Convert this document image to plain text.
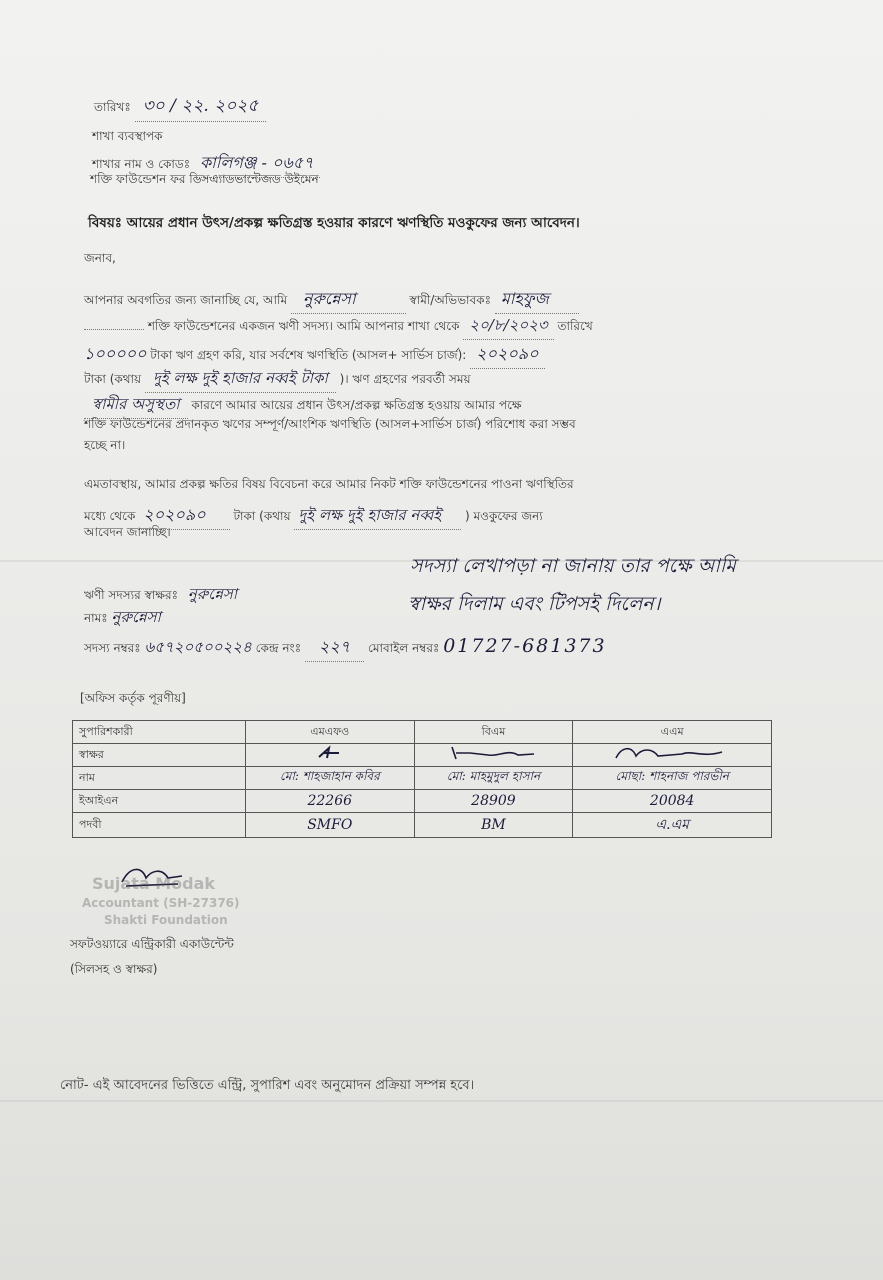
তারিখঃ ৩০ / ২২. ২০২৫
শাখা ব্যবস্থাপক
শাখার নাম ও কোডঃ কালিগঞ্জ - ০৬৫৭
শক্তি ফাউন্ডেশন ফর ডিসএ্যাডভান্টেজড উইমেন
বিষয়ঃ আয়ের প্রধান উৎস/প্রকল্প ক্ষতিগ্রস্ত হওয়ার কারণে ঋণস্থিতি মওকুফের জন্য আবেদন।
জনাব,
আপনার অবগতির জন্য জানাচ্ছি যে, আমি নুরুন্নেসা	স্বামী/অভিভাবকঃ মাহফুজ
শক্তি ফাউন্ডেশনের একজন ঋণী সদস্য। আমি আপনার শাখা থেকে ২০/৮/২০২৩ তারিখে
১০০০০০ টাকা ঋণ গ্রহণ করি, যার সর্বশেষ ঋণস্থিতি (আসল+ সার্ভিস চার্জ): ২০২০৯০
টাকা (কথায় দুই লক্ষ দুই হাজার নব্বই টাকা )। ঋণ গ্রহণের পরবর্তী সময়
স্বামীর অসুস্থতা কারণে আমার আয়ের প্রধান উৎস/প্রকল্প ক্ষতিগ্রস্ত হওয়ায় আমার পক্ষে
শক্তি ফাউন্ডেশনের প্রদানকৃত ঋণের সম্পূর্ণ/আংশিক ঋণস্থিতি (আসল+সার্ভিস চার্জ) পরিশোধ করা সম্ভব
হচ্ছে না।
এমতাবস্থায়, আমার প্রকল্প ক্ষতির বিষয় বিবেচনা করে আমার নিকট শক্তি ফাউন্ডেশনের পাওনা ঋণস্থিতির
মধ্যে থেকে ২০২০৯০ টাকা (কথায় দুই লক্ষ দুই হাজার নব্বই ) মওকুফের জন্য
আবেদন জানাচ্ছি।
ঋণী সদস্যর স্বাক্ষরঃ নুরুন্নেসা
সদস্যা লেখাপড়া না জানায় তার পক্ষে আমি
স্বাক্ষর দিলাম এবং টিপসই দিলেন।
নামঃ নুরুন্নেসা
সদস্য নম্বরঃ ৬৫৭২০৫০০২২৪ কেন্দ্র নংঃ ২২৭ মোবাইল নম্বরঃ 01727-681373
[অফিস কর্তৃক পূরণীয়]
সুপারিশকারী	এমএফও	বিএম	এএম
স্বাক্ষর			
নাম	মো: শাহজাহান কবির	মো: মাহমুদুল হাসান	মোছা: শাহনাজ পারভীন
ইআইএন	22266	28909	20084
পদবী	SMFO	BM	এ.এম
Sujata Modak
Accountant (SH-27376)
Shakti Foundation
সফটওয়্যারে এন্ট্রিকারী একাউন্টেন্ট
(সিলসহ ও স্বাক্ষর)
নোট- এই আবেদনের ভিত্তিতে এন্ট্রি, সুপারিশ এবং অনুমোদন প্রক্রিয়া সম্পন্ন হবে।
